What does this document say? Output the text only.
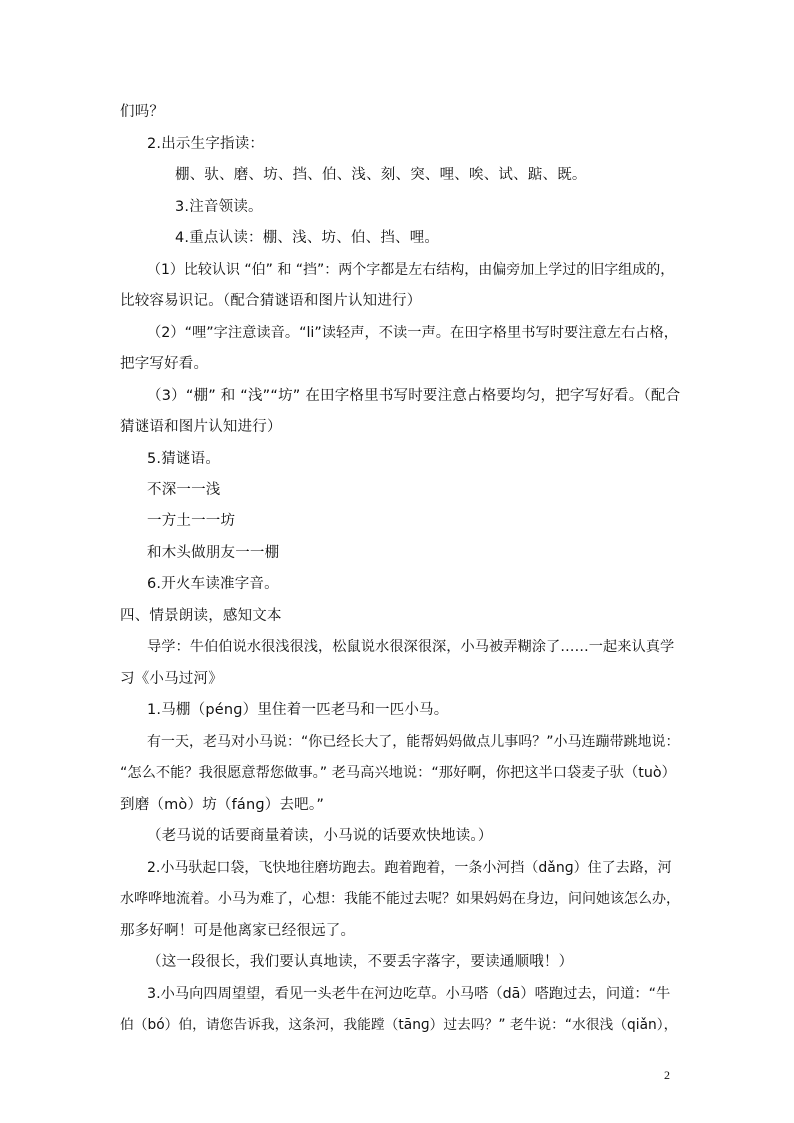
们吗？
2.出示生字指读：
棚、驮、磨、坊、挡、伯、浅、刻、突、哩、唉、试、踮、既。
3.注音领读。
4.重点认读：棚、浅、坊、伯、挡、哩。
（1）比较认识 “伯” 和 “挡”：两个字都是左右结构，由偏旁加上学过的旧字组成的，
比较容易识记。（配合猜谜语和图片认知进行）
（2）“哩”字注意读音。“li”读轻声，不读一声。在田字格里书写时要注意左右占格，
把字写好看。
（3）“棚” 和 “浅”“坊” 在田字格里书写时要注意占格要均匀，把字写好看。（配合
猜谜语和图片认知进行）
5.猜谜语。
不深一一浅
一方土一一坊
和木头做朋友一一棚
6.开火车读准字音。
四、情景朗读，感知文本
导学：牛伯伯说水很浅很浅，松鼠说水很深很深，小马被弄糊涂了……一起来认真学
习《小马过河》
1.马棚（pénɡ）里住着一匹老马和一匹小马。
有一天，老马对小马说：“你已经长大了，能帮妈妈做点儿事吗？”小马连蹦带跳地说：
“怎么不能？我很愿意帮您做事。” 老马高兴地说：“那好啊，你把这半口袋麦子驮（tuò）
到磨（mò）坊（fánɡ）去吧。”
（老马说的话要商量着读，小马说的话要欢快地读。）
2.小马驮起口袋，飞快地往磨坊跑去。跑着跑着，一条小河挡（dǎnɡ）住了去路，河
水哗哗地流着。小马为难了，心想：我能不能过去呢？如果妈妈在身边，问问她该怎么办，
那多好啊！可是他离家已经很远了。
（这一段很长，我们要认真地读，不要丢字落字，要读通顺哦！）
3.小马向四周望望，看见一头老牛在河边吃草。小马嗒（dā）嗒跑过去，问道：“牛
伯（bó）伯，请您告诉我，这条河，我能蹚（tānɡ）过去吗？” 老牛说：“水很浅（qiǎn），
2
